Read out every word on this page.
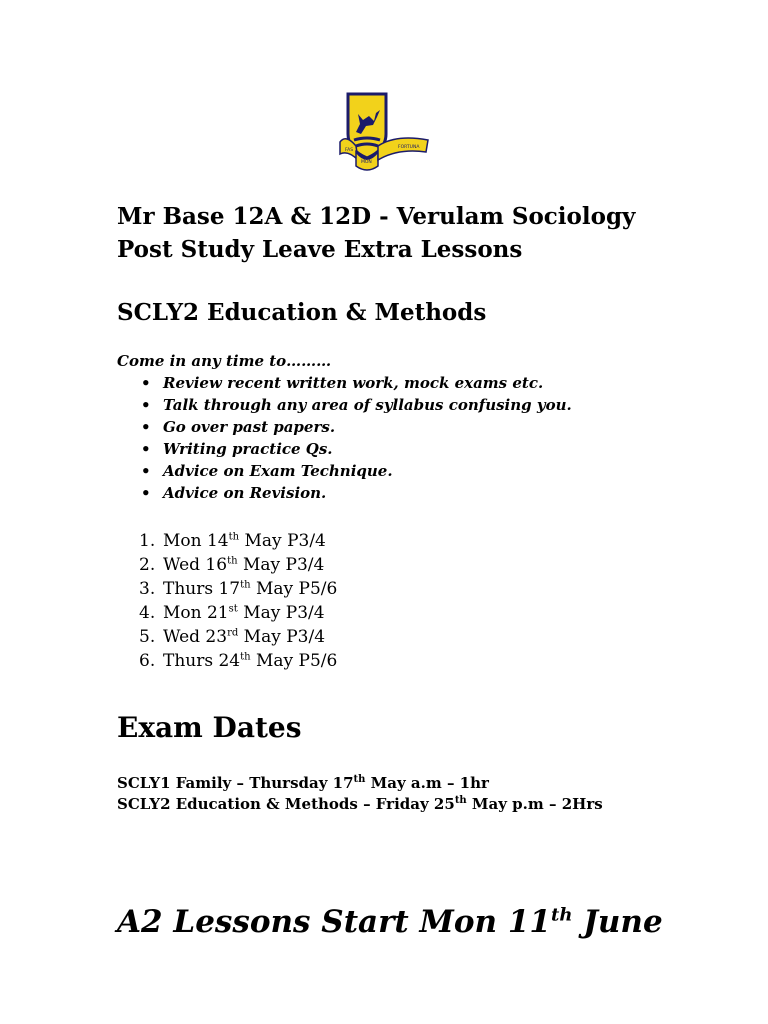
FAS
MON
FORTUNA
Mr Base 12A & 12D - Verulam Sociology
Post Study Leave Extra Lessons
SCLY2 Education & Methods

Come in any time to………

• Review recent written work, mock exams etc.
• Talk through any area of syllabus confusing you.
• Go over past papers.
• Writing practice Qs.
• Advice on Exam Technique.
• Advice on Revision.
1. Mon 14th May P3/4
2. Wed 16th May P3/4
3. Thurs 17th May P5/6
4. Mon 21st May P3/4
5. Wed 23rd May P3/4
6. Thurs 24th May P5/6
Exam Dates
SCLY1 Family – Thursday 17th May a.m – 1hr
SCLY2 Education & Methods – Friday 25th May p.m – 2Hrs
A2 Lessons Start Mon 11th June
